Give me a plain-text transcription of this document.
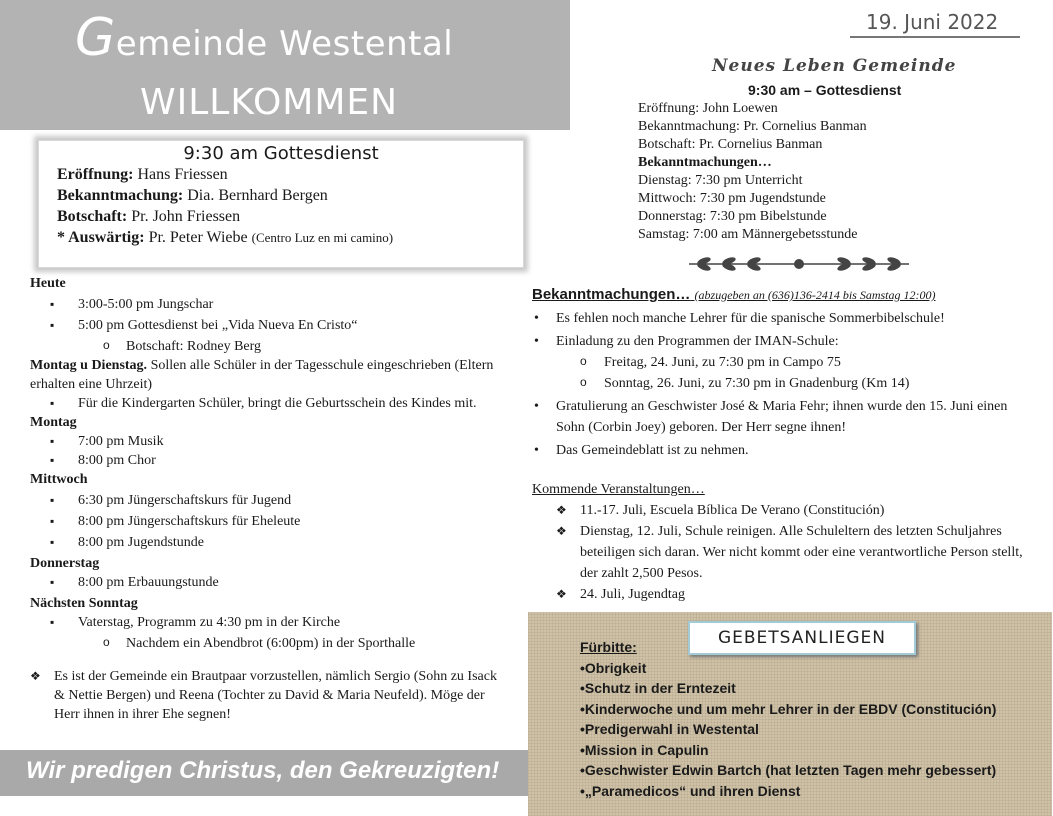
Gemeinde Westental
WILLKOMMEN
9:30 am Gottesdienst
Eröffnung: Hans Friessen
Bekanntmachung: Dia. Bernhard Bergen
Botschaft: Pr. John Friessen
* Auswärtig: Pr. Peter Wiebe (Centro Luz en mi camino)
Heute
▪ 3:00-5:00 pm Jungschar
▪ 5:00 pm Gottesdienst bei „Vida Nueva En Cristo“
o Botschaft: Rodney Berg
Montag u Dienstag. Sollen alle Schüler in der Tagesschule eingeschrieben (Eltern erhalten eine Uhrzeit)
▪ Für die Kindergarten Schüler, bringt die Geburtsschein des Kindes mit.
Montag
▪ 7:00 pm Musik
▪ 8:00 pm Chor
Mittwoch
▪ 6:30 pm Jüngerschaftskurs für Jugend
▪ 8:00 pm Jüngerschaftskurs für Eheleute
▪ 8:00 pm Jugendstunde
Donnerstag
▪ 8:00 pm Erbauungstunde
Nächsten Sonntag
▪ Vaterstag, Programm zu 4:30 pm in der Kirche
o Nachdem ein Abendbrot (6:00pm) in der Sporthalle
❖ Es ist der Gemeinde ein Brautpaar vorzustellen, nämlich Sergio (Sohn zu Isack & Nettie Bergen) und Reena (Tochter zu David & Maria Neufeld). Möge der Herr ihnen in ihrer Ehe segnen!
Wir predigen Christus, den Gekreuzigten!
19. Juni 2022
Neues Leben Gemeinde
9:30 am – Gottesdienst
Eröffnung: John Loewen
Bekanntmachung: Pr. Cornelius Banman
Botschaft: Pr. Cornelius Banman
Bekanntmachungen…
Dienstag: 7:30 pm Unterricht
Mittwoch: 7:30 pm Jugendstunde
Donnerstag: 7:30 pm Bibelstunde
Samstag: 7:00 am Männergebetsstunde
Bekanntmachungen… (abzugeben an (636)136-2414 bis Samstag 12:00)
• Es fehlen noch manche Lehrer für die spanische Sommerbibelschule!
• Einladung zu den Programmen der IMAN-Schule:
o Freitag, 24. Juni, zu 7:30 pm in Campo 75
o Sonntag, 26. Juni, zu 7:30 pm in Gnadenburg (Km 14)
• Gratulierung an Geschwister José & Maria Fehr; ihnen wurde den 15. Juni einen Sohn (Corbin Joey) geboren. Der Herr segne ihnen!
• Das Gemeindeblatt ist zu nehmen.
Kommende Veranstaltungen…
❖ 11.-17. Juli, Escuela Bíblica De Verano (Constitución)
❖ Dienstag, 12. Juli, Schule reinigen. Alle Schuleltern des letzten Schuljahres beteiligen sich daran. Wer nicht kommt oder eine verantwortliche Person stellt, der zahlt 2,500 Pesos.
❖ 24. Juli, Jugendtag
GEBETSANLIEGEN
Fürbitte:
• Obrigkeit
• Schutz in der Erntezeit
• Kinderwoche und um mehr Lehrer in der EBDV (Constitución)
• Predigerwahl in Westental
• Mission in Capulin
• Geschwister Edwin Bartch (hat letzten Tagen mehr gebessert)
• „Paramedicos“ und ihren Dienst
